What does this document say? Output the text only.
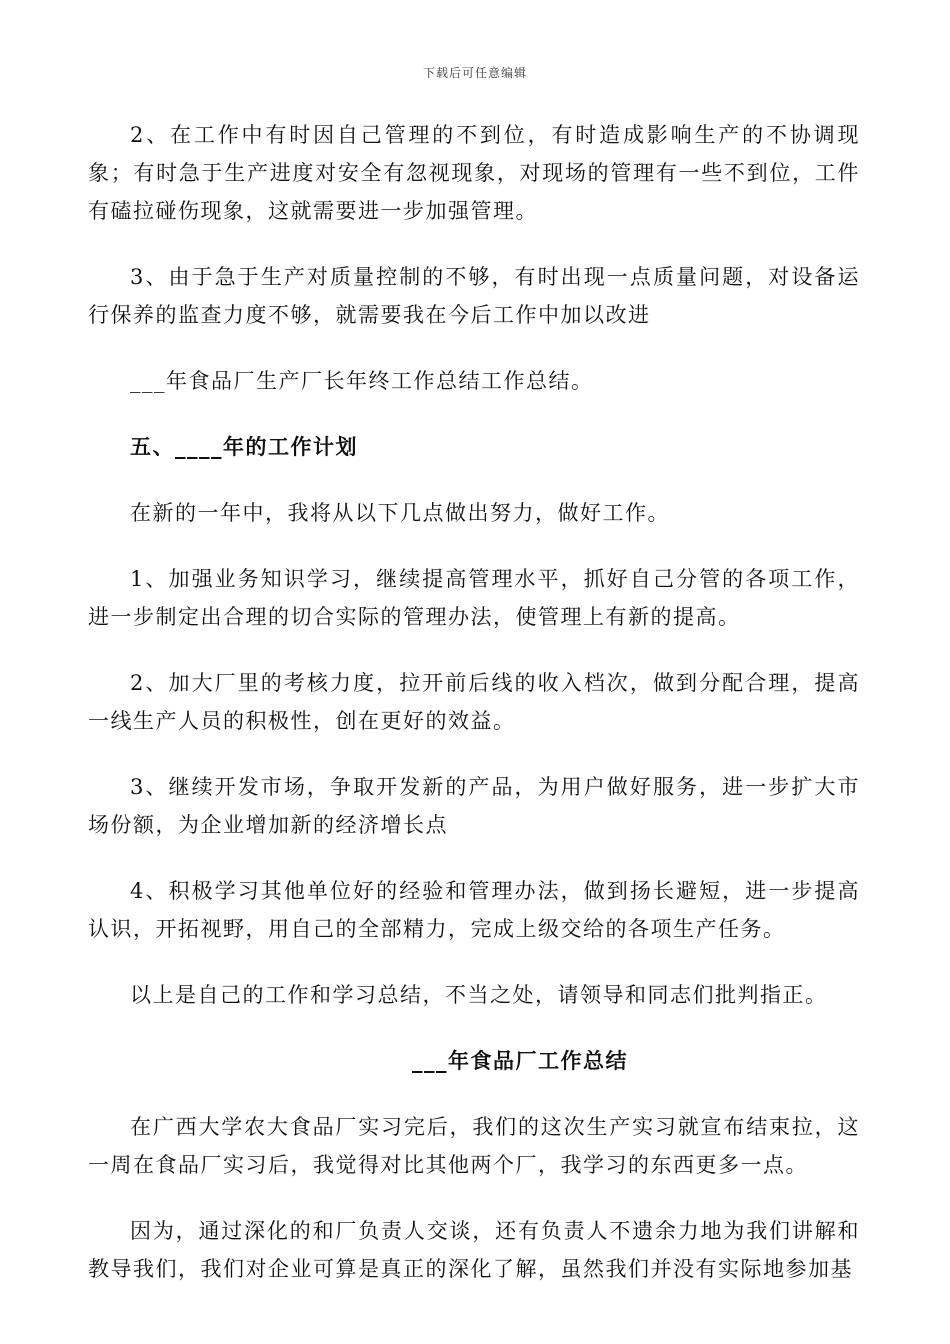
下载后可任意编辑

2、在工作中有时因自己管理的不到位，有时造成影响生产的不协调现象；有时急于生产进度对安全有忽视现象，对现场的管理有一些不到位，工件有磕拉碰伤现象，这就需要进一步加强管理。

3、由于急于生产对质量控制的不够，有时出现一点质量问题，对设备运行保养的监查力度不够，就需要我在今后工作中加以改进

___年食品厂生产厂长年终工作总结工作总结。

五、____年的工作计划

在新的一年中，我将从以下几点做出努力，做好工作。

1、加强业务知识学习，继续提高管理水平，抓好自己分管的各项工作，进一步制定出合理的切合实际的管理办法，使管理上有新的提高。

2、加大厂里的考核力度，拉开前后线的收入档次，做到分配合理，提高一线生产人员的积极性，创在更好的效益。

3、继续开发市场，争取开发新的产品，为用户做好服务，进一步扩大市场份额，为企业增加新的经济增长点

4、积极学习其他单位好的经验和管理办法，做到扬长避短，进一步提高认识，开拓视野，用自己的全部精力，完成上级交给的各项生产任务。

以上是自己的工作和学习总结，不当之处，请领导和同志们批判指正。

___年食品厂工作总结

在广西大学农大食品厂实习完后，我们的这次生产实习就宣布结束拉，这一周在食品厂实习后，我觉得对比其他两个厂，我学习的东西更多一点。

因为，通过深化的和厂负责人交谈，还有负责人不遗余力地为我们讲解和教导我们，我们对企业可算是真正的深化了解，虽然我们并没有实际地参加基
